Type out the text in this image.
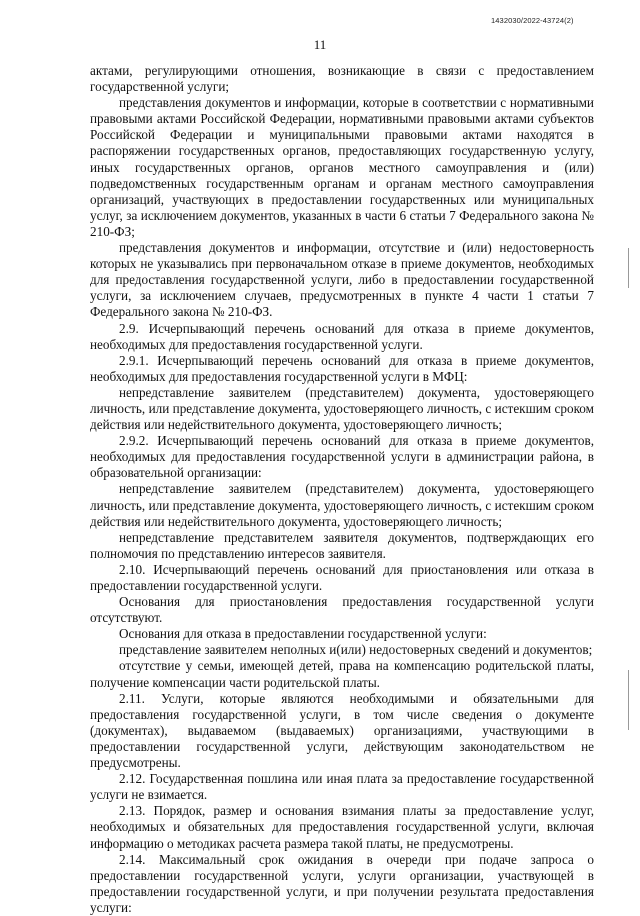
1432030/2022-43724(2)
11

актами, регулирующими отношения, возникающие в связи с предоставлением государственной услуги;

представления документов и информации, которые в соответствии с нормативными правовыми актами Российской Федерации, нормативными правовыми актами субъектов Российской Федерации и муниципальными правовыми актами находятся в распоряжении государственных органов, предоставляющих государственную услугу, иных государственных органов, органов местного самоуправления и (или) подведомственных государственным органам и органам местного самоуправления организаций, участвующих в предоставлении государственных или муниципальных услуг, за исключением документов, указанных в части 6 статьи 7 Федерального закона № 210-ФЗ;

представления документов и информации, отсутствие и (или) недостоверность которых не указывались при первоначальном отказе в приеме документов, необходимых для предоставления государственной услуги, либо в предоставлении государственной услуги, за исключением случаев, предусмотренных в пункте 4 части 1 статьи 7 Федерального закона № 210-ФЗ.

2.9. Исчерпывающий перечень оснований для отказа в приеме документов, необходимых для предоставления государственной услуги.

2.9.1. Исчерпывающий перечень оснований для отказа в приеме документов, необходимых для предоставления государственной услуги в МФЦ:

непредставление заявителем (представителем) документа, удостоверяющего личность, или представление документа, удостоверяющего личность, с истекшим сроком действия или недействительного документа, удостоверяющего личность;

2.9.2. Исчерпывающий перечень оснований для отказа в приеме документов, необходимых для предоставления государственной услуги в администрации района, в образовательной организации:

непредставление заявителем (представителем) документа, удостоверяющего личность, или представление документа, удостоверяющего личность, с истекшим сроком действия или недействительного документа, удостоверяющего личность;

непредставление представителем заявителя документов, подтверждающих его полномочия по представлению интересов заявителя.

2.10. Исчерпывающий перечень оснований для приостановления или отказа в предоставлении государственной услуги.

Основания для приостановления предоставления государственной услуги отсутствуют.

Основания для отказа в предоставлении государственной услуги:

представление заявителем неполных и(или) недостоверных сведений и документов;

отсутствие у семьи, имеющей детей, права на компенсацию родительской платы, получение компенсации части родительской платы.

2.11. Услуги, которые являются необходимыми и обязательными для предоставления государственной услуги, в том числе сведения о документе (документах), выдаваемом (выдаваемых) организациями, участвующими в предоставлении государственной услуги, действующим законодательством не предусмотрены.

2.12. Государственная пошлина или иная плата за предоставление государственной услуги не взимается.

2.13. Порядок, размер и основания взимания платы за предоставление услуг, необходимых и обязательных для предоставления государственной услуги, включая информацию о методиках расчета размера такой платы, не предусмотрены.

2.14. Максимальный срок ожидания в очереди при подаче запроса о предоставлении государственной услуги, услуги организации, участвующей в предоставлении государственной услуги, и при получении результата предоставления услуги:
